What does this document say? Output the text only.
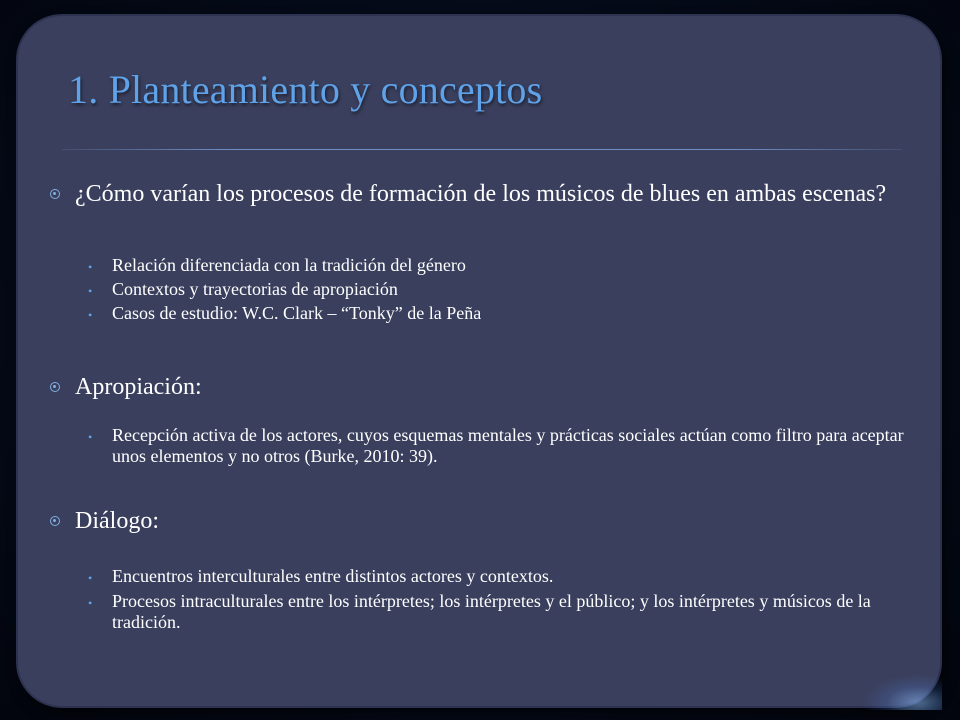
1. Planteamiento y conceptos
¿Cómo varían los procesos de formación de los músicos de blues en ambas escenas?
• Relación diferenciada con la tradición del género
• Contextos y trayectorias de apropiación
• Casos de estudio: W.C. Clark – “Tonky” de la Peña
Apropiación:
• Recepción activa de los actores, cuyos esquemas mentales y prácticas sociales actúan como filtro para aceptar unos elementos y no otros (Burke, 2010: 39).
Diálogo:
• Encuentros interculturales entre distintos actores y contextos.
• Procesos intraculturales entre los intérpretes; los intérpretes y el público; y los intérpretes y músicos de la tradición.
